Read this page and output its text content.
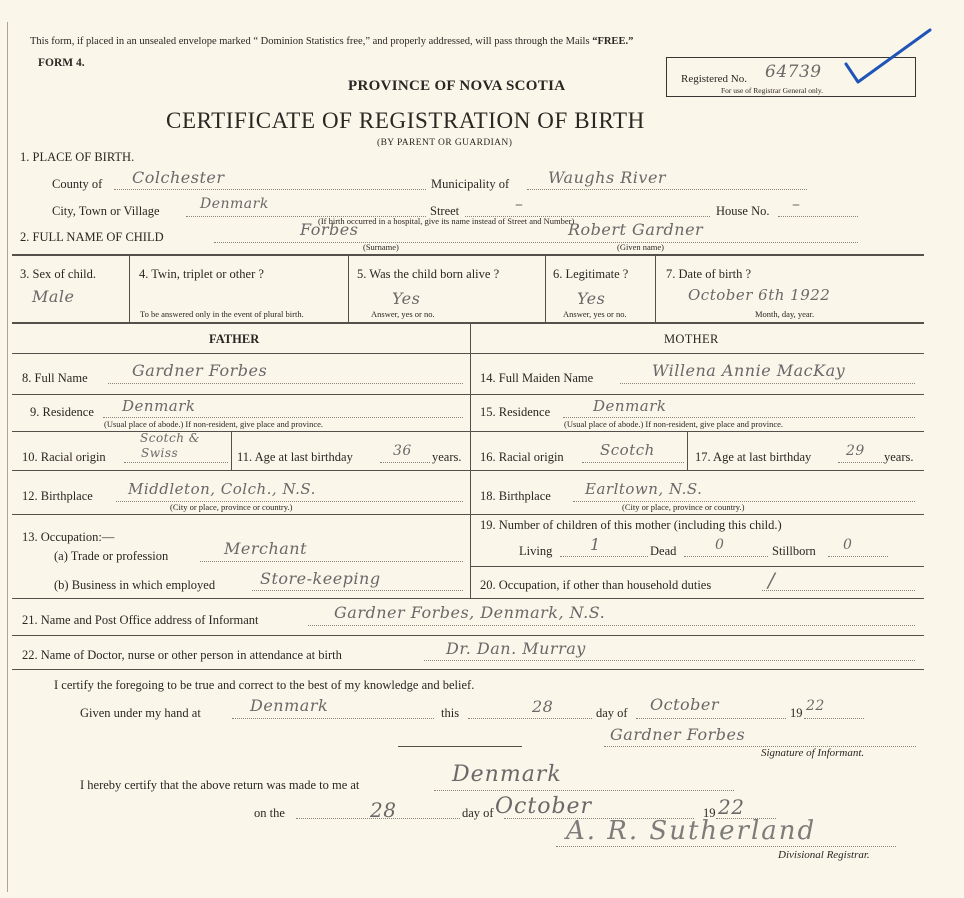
This form, if placed in an unsealed envelope marked “ Dominion Statistics free,” and properly addressed, will pass through the Mails “FREE.”
FORM 4.
PROVINCE OF NOVA SCOTIA
CERTIFICATE OF REGISTRATION OF BIRTH
(BY PARENT OR GUARDIAN)
Registered No. 64739
For use of Registrar General only.
1. PLACE OF BIRTH.
County of Colchester	Municipality of Waughs River
City, Town or Village	Denmark	Street	–	House No. –
(If birth occurred in a hospital, give its name instead of Street and Number)
2. FULL NAME OF CHILD	Forbes
(Surname)
Robert Gardner
(Given name)
3. Sex of child.
Male
4. Twin, triplet or other ?
To be answered only in the event of plural birth.
5. Was the child born alive ?
Yes
Answer, yes or no.
6. Legitimate ?
Yes
Answer, yes or no.
7. Date of birth ?
October 6th 1922
Month, day, year.
FATHER	MOTHER
8. Full Name	Gardner Forbes	14. Full Maiden Name	Willena Annie MacKay
9. Residence Denmark
(Usual place of abode.) If non-resident, give place and province.
15. Residence	Denmark
(Usual place of abode.) If non-resident, give place and province.
10. Racial origin
Scotch &
Swiss	11. Age at last birthday	36 years. 16. Racial origin Scotch	17. Age at last birthday 29 years.
12. Birthplace Middleton, Colch., N.S.
(City or place, province or country.)
18. Birthplace Earltown, N.S.
(City or place, province or country.)
13. Occupation:—
(a) Trade or profession	Merchant
(b) Business in which employed	Store-keeping
19. Number of children of this mother (including this child.)
Living 1	Dead	0	Stillborn 0
20. Occupation, if other than household duties	/
21. Name and Post Office address of Informant	Gardner Forbes, Denmark, N.S.
22. Name of Doctor, nurse or other person in attendance at birth	Dr. Dan. Murray
I certify the foregoing to be true and correct to the best of my knowledge and belief.
Given under my hand at	Denmark	this	28	day of October	19 22
Gardner Forbes
Signature of Informant.
I hereby certify that the above return was made to me at	Denmark
on the	28	day of October	19 22
A. R. Sutherland
Divisional Registrar.
